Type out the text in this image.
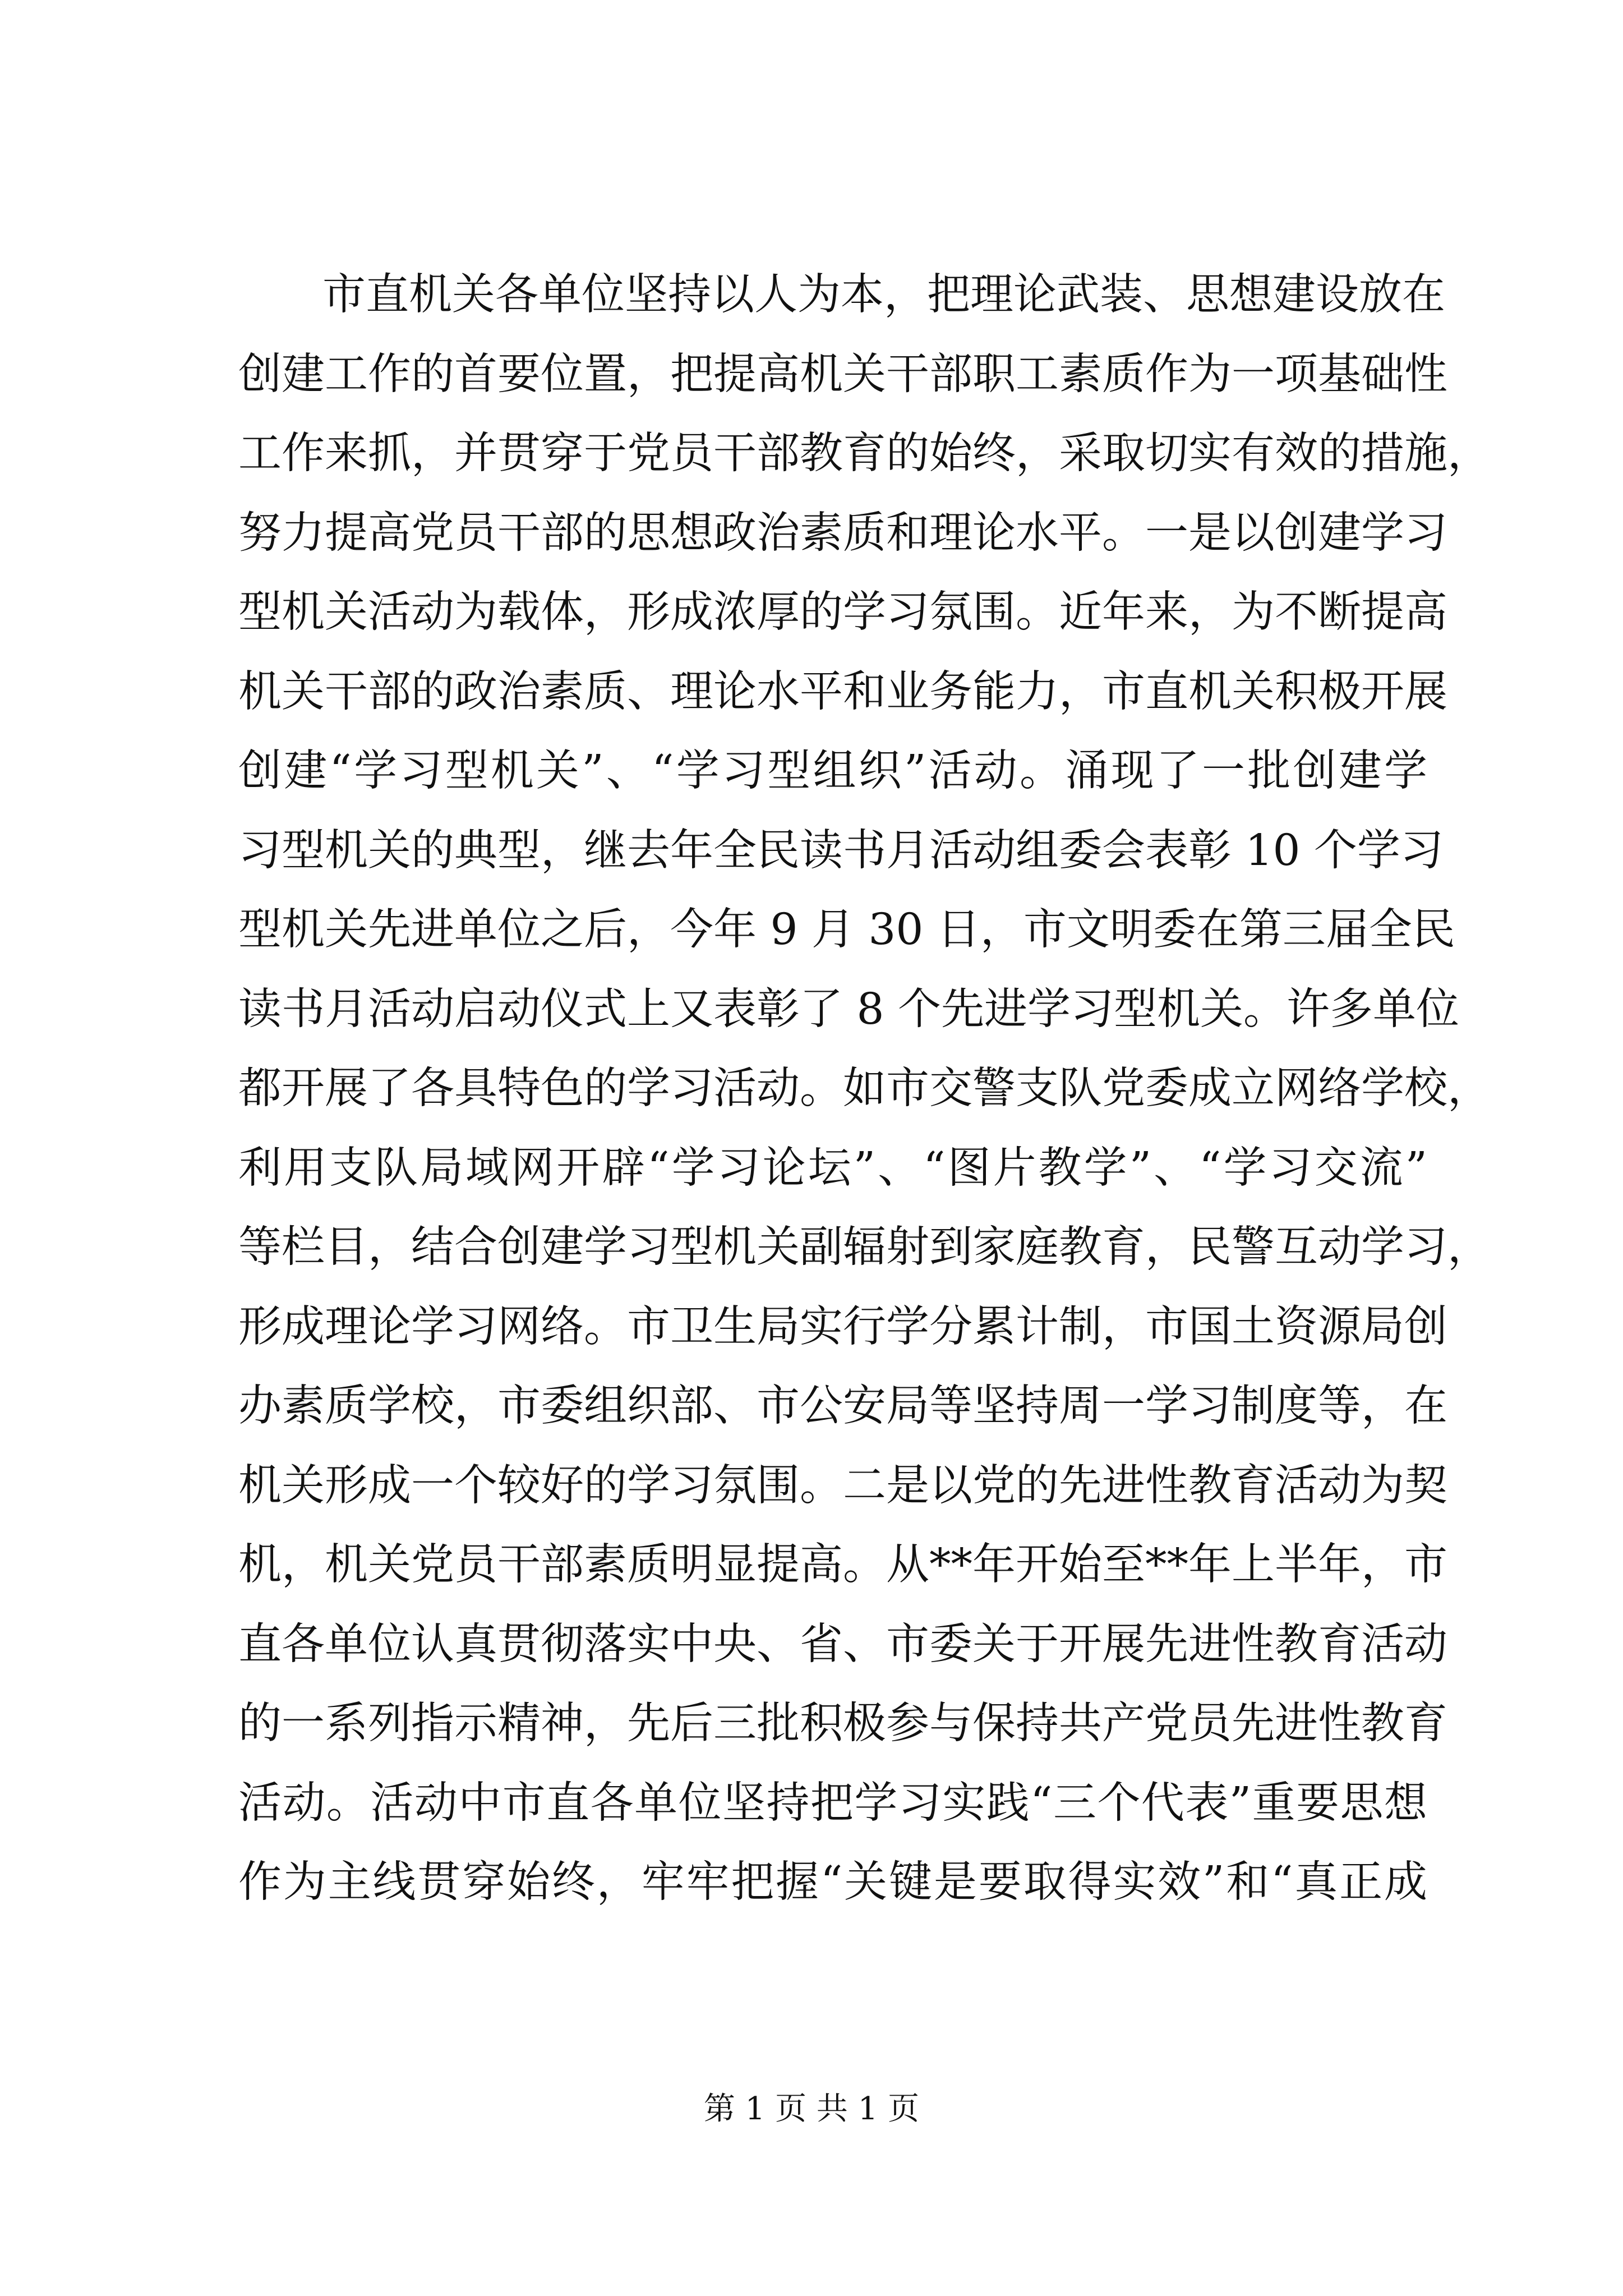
市直机关各单位坚持以人为本，把理论武装、思想建设放在
创建工作的首要位置，把提高机关干部职工素质作为一项基础性
工作来抓，并贯穿于党员干部教育的始终，采取切实有效的措施，
努力提高党员干部的思想政治素质和理论水平。一是以创建学习
型机关活动为载体，形成浓厚的学习氛围。近年来，为不断提高
机关干部的政治素质、理论水平和业务能力，市直机关积极开展
创建“学习型机关”、“学习型组织”活动。涌现了一批创建学
习型机关的典型，继去年全民读书月活动组委会表彰 10 个学习
型机关先进单位之后，今年 9 月 30 日，市文明委在第三届全民
读书月活动启动仪式上又表彰了 8 个先进学习型机关。许多单位
都开展了各具特色的学习活动。如市交警支队党委成立网络学校，
利用支队局域网开辟“学习论坛”、“图片教学”、“学习交流”
等栏目，结合创建学习型机关副辐射到家庭教育，民警互动学习，
形成理论学习网络。市卫生局实行学分累计制，市国土资源局创
办素质学校，市委组织部、市公安局等坚持周一学习制度等，在
机关形成一个较好的学习氛围。二是以党的先进性教育活动为契
机，机关党员干部素质明显提高。从**年开始至**年上半年，市
直各单位认真贯彻落实中央、省、市委关于开展先进性教育活动
的一系列指示精神，先后三批积极参与保持共产党员先进性教育
活动。活动中市直各单位坚持把学习实践“三个代表”重要思想
作为主线贯穿始终，牢牢把握“关键是要取得实效”和“真正成
第 1 页 共 1 页
